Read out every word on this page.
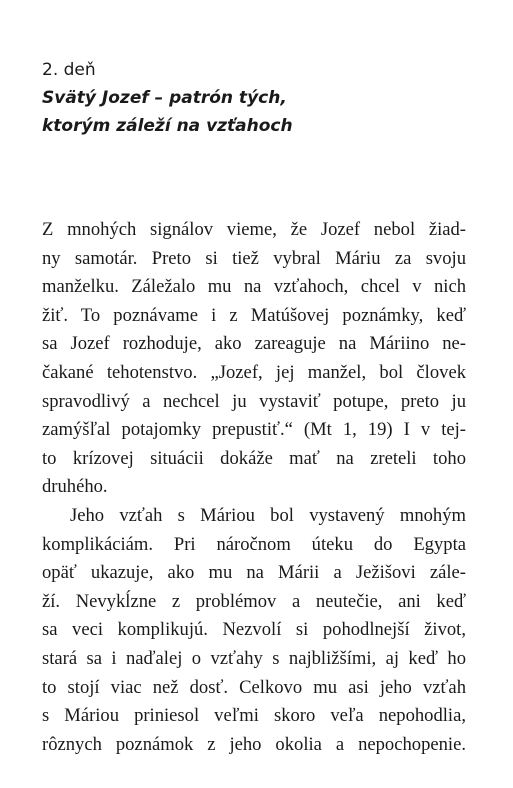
2. deň

Svätý Jozef – patrón tých,
ktorým záleží na vzťahoch

Z mnohých signálov vieme, že Jozef nebol žiad-
ny samotár. Preto si tiež vybral Máriu za svoju
manželku. Záležalo mu na vzťahoch, chcel v nich
žiť. To poznávame i z Matúšovej poznámky, keď
sa Jozef rozhoduje, ako zareaguje na Máriino ne-
čakané tehotenstvo. „Jozef, jej manžel, bol človek
spravodlivý a nechcel ju vystaviť potupe, preto ju
zamýšľal potajomky prepustiť.“ (Mt 1, 19) I v tej-
to krízovej situácii dokáže mať na zreteli toho
druhého.

Jeho vzťah s Máriou bol vystavený mnohým
komplikáciám. Pri náročnom úteku do Egypta
opäť ukazuje, ako mu na Márii a Ježišovi zále-
ží. Nevykĺzne z problémov a neutečie, ani keď
sa veci komplikujú. Nezvolí si pohodlnejší život,
stará sa i naďalej o vzťahy s najbližšími, aj keď ho
to stojí viac než dosť. Celkovo mu asi jeho vzťah
s Máriou priniesol veľmi skoro veľa nepohodlia,
rôznych poznámok z jeho okolia a nepochopenie.
